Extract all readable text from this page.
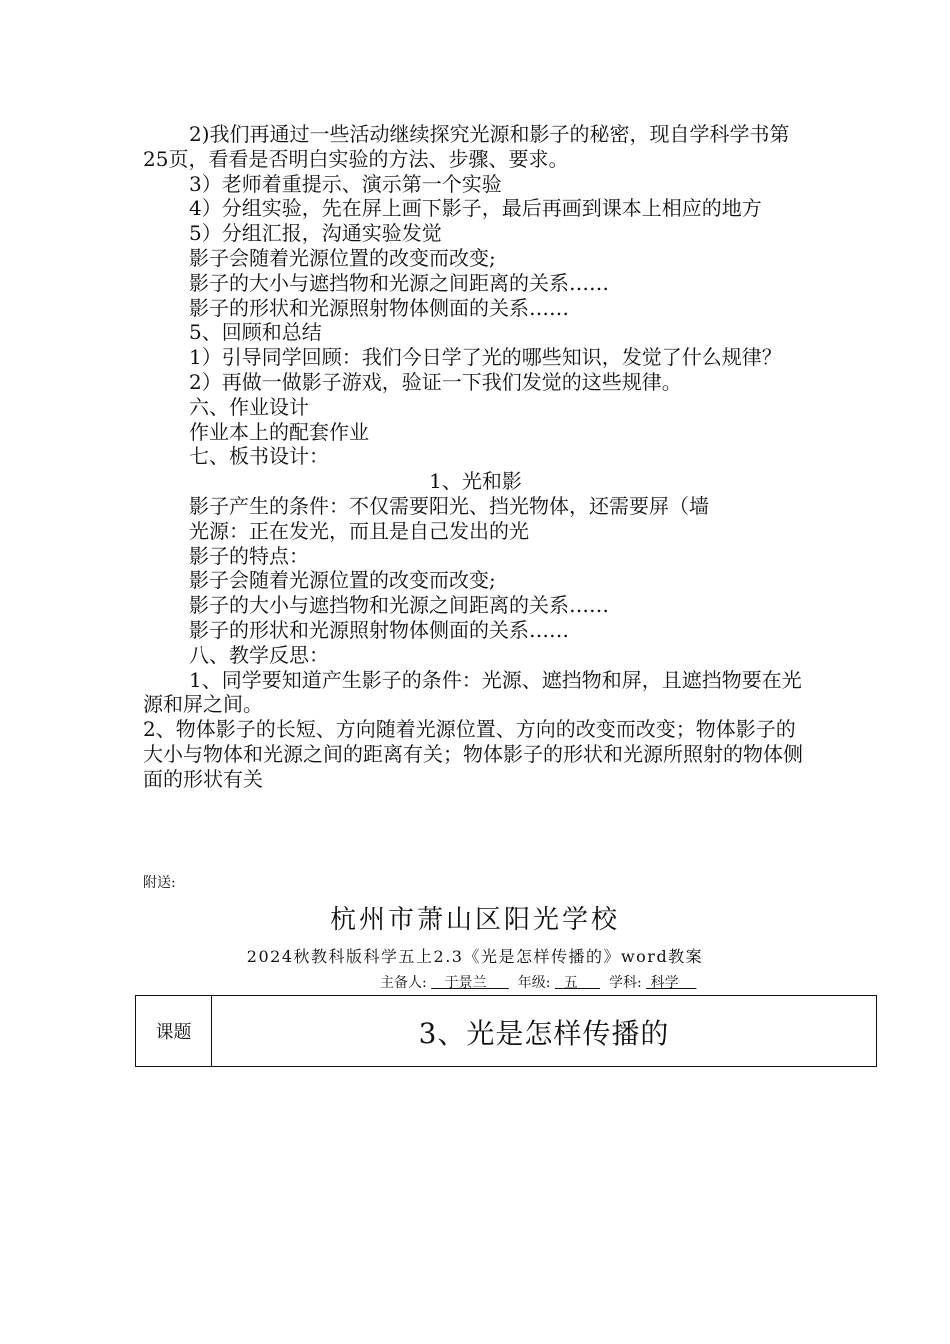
2)我们再通过一些活动继续探究光源和影子的秘密，现自学科学书第25页，看看是否明白实验的方法、步骤、要求。

3）老师着重提示、演示第一个实验

4）分组实验，先在屏上画下影子，最后再画到课本上相应的地方

5）分组汇报，沟通实验发觉

影子会随着光源位置的改变而改变;

影子的大小与遮挡物和光源之间距离的关系……

影子的形状和光源照射物体侧面的关系……

5、回顾和总结

1）引导同学回顾：我们今日学了光的哪些知识，发觉了什么规律？

2）再做一做影子游戏，验证一下我们发觉的这些规律。

六、作业设计

作业本上的配套作业

七、板书设计：

1、光和影

影子产生的条件：不仅需要阳光、挡光物体，还需要屏（墙

光源：正在发光，而且是自己发出的光

影子的特点：

影子会随着光源位置的改变而改变;

影子的大小与遮挡物和光源之间距离的关系……

影子的形状和光源照射物体侧面的关系……

八、教学反思：

1、同学要知道产生影子的条件：光源、遮挡物和屏，且遮挡物要在光源和屏之间。

2、物体影子的长短、方向随着光源位置、方向的改变而改变；物体影子的大小与物体和光源之间的距离有关；物体影子的形状和光源所照射的物体侧面的形状有关

附送:
杭州市萧山区阳光学校
2024秋教科版科学五上2.3《光是怎样传播的》word教案
主备人: 于景兰 年级: 五 学科: 科学
课题	3、光是怎样传播的
